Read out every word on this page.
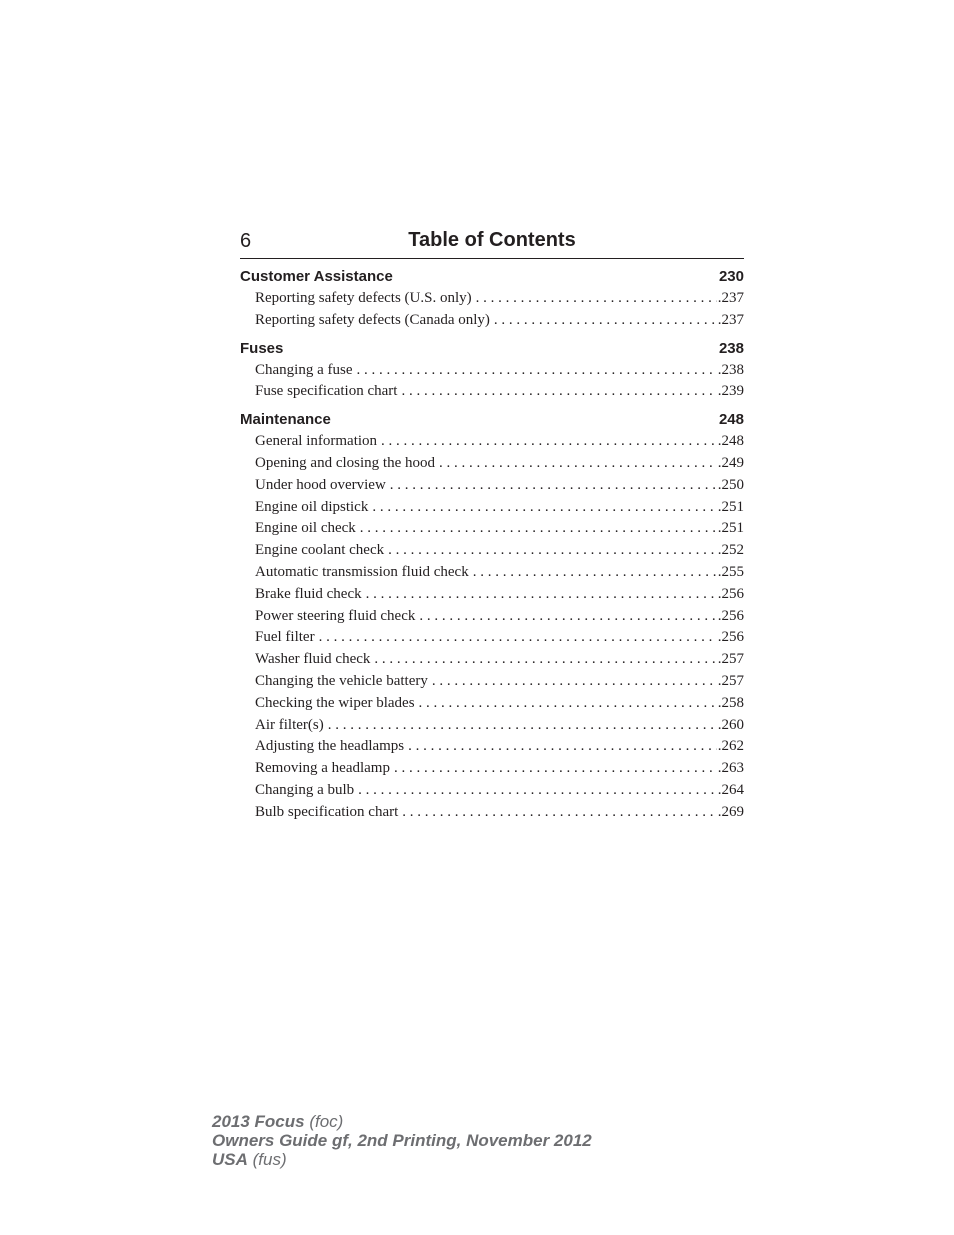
6	Table of Contents
Customer Assistance	230
Reporting safety defects (U.S. only) . . .	.237
Reporting safety defects (Canada only) . . .	.237
Fuses	238
Changing a fuse . . .	.238
Fuse specification chart . . .	.239
Maintenance	248
General information . . .	.248
Opening and closing the hood . . .	.249
Under hood overview . . .	.250
Engine oil dipstick . . .	.251
Engine oil check . . .	.251
Engine coolant check . . .	.252
Automatic transmission fluid check . . .	.255
Brake fluid check . . .	.256
Power steering fluid check . . .	.256
Fuel filter . . .	.256
Washer fluid check . . .	.257
Changing the vehicle battery . . .	.257
Checking the wiper blades . . .	.258
Air filter(s) . . .	.260
Adjusting the headlamps . . .	.262
Removing a headlamp . . .	.263
Changing a bulb . . .	.264
Bulb specification chart . . .	.269
2013 Focus (foc)
Owners Guide gf, 2nd Printing, November 2012
USA (fus)
